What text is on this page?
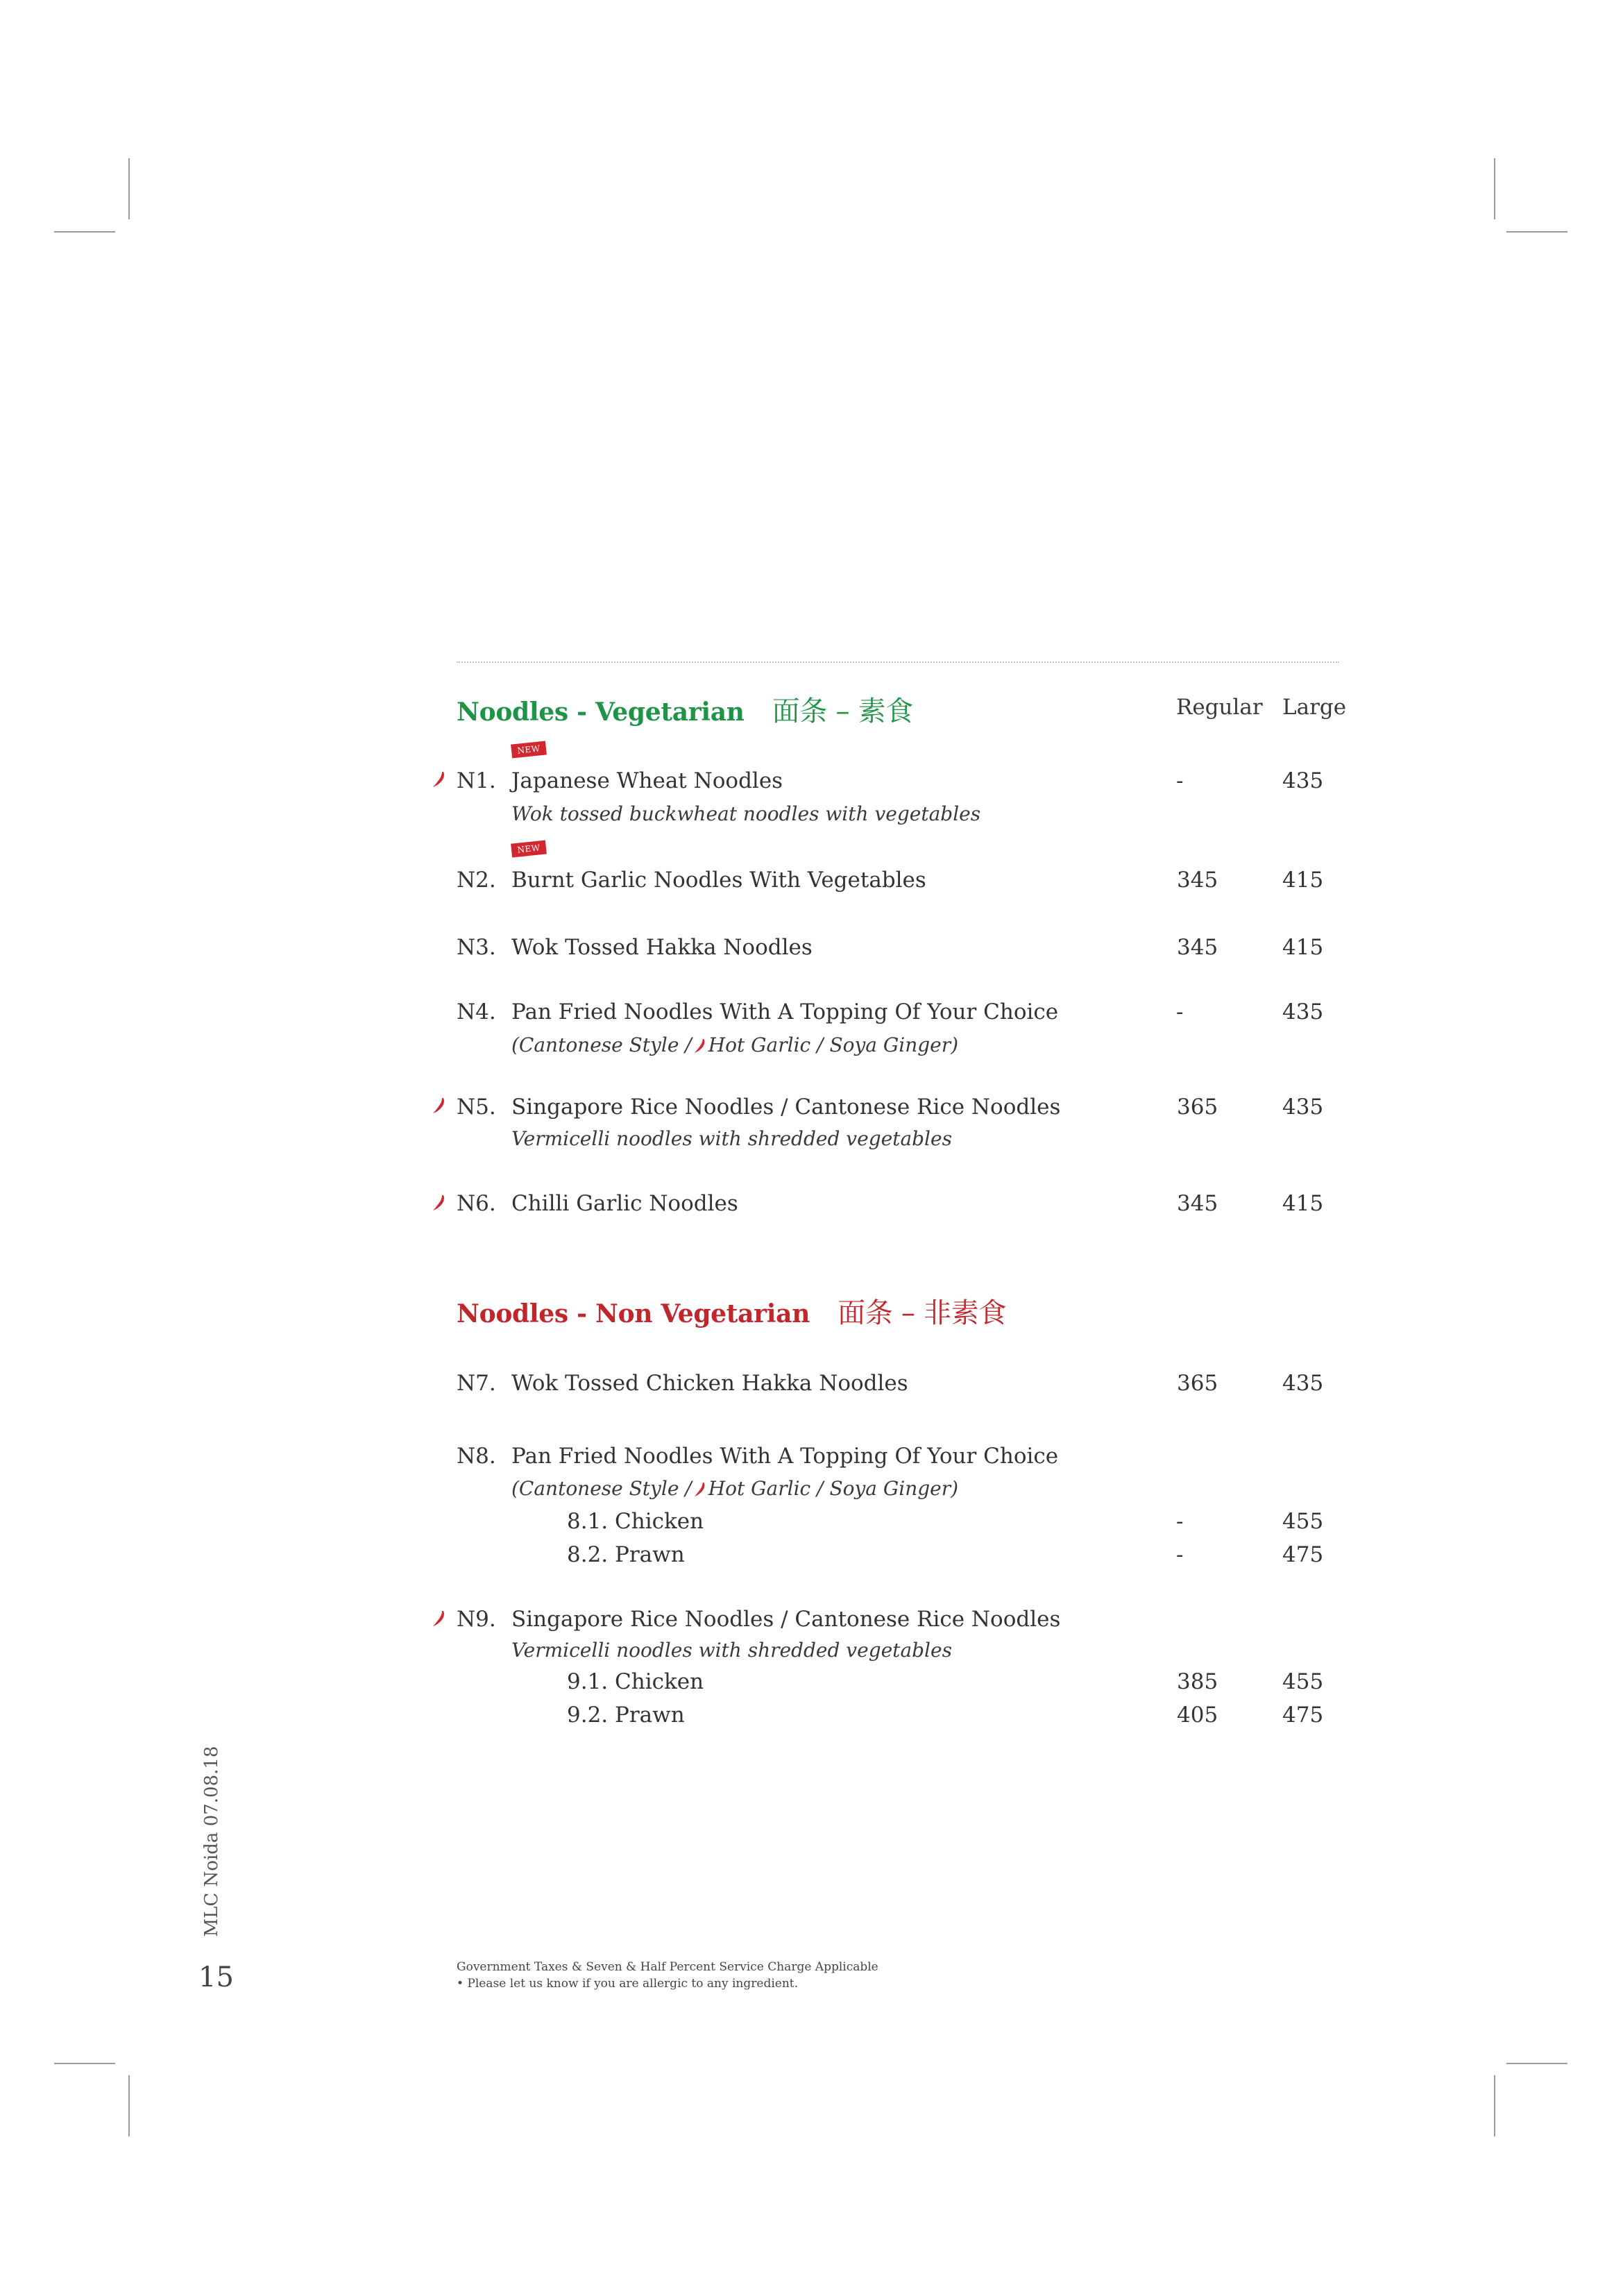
Noodles - Vegetarian 面条 – 素食	Regular Large
NEW
N1. Japanese Wheat Noodles	-	435
Wok tossed buckwheat noodles with vegetables
NEW
N2. Burnt Garlic Noodles With Vegetables	345	415
N3. Wok Tossed Hakka Noodles	345	415
N4. Pan Fried Noodles With A Topping Of Your Choice	-	435
(Cantonese Style / Hot Garlic / Soya Ginger)
N5. Singapore Rice Noodles / Cantonese Rice Noodles	365	435
Vermicelli noodles with shredded vegetables
N6. Chilli Garlic Noodles	345	415
Noodles - Non Vegetarian 面条 – 非素食
N7. Wok Tossed Chicken Hakka Noodles	365	435
N8. Pan Fried Noodles With A Topping Of Your Choice
(Cantonese Style / Hot Garlic / Soya Ginger)
8.1. Chicken	-	455
8.2. Prawn	-	475
N9. Singapore Rice Noodles / Cantonese Rice Noodles
Vermicelli noodles with shredded vegetables
9.1. Chicken	385	455
9.2. Prawn	405	475
MLC Noida 07.08.18
15	Government Taxes & Seven & Half Percent Service Charge Applicable
• Please let us know if you are allergic to any ingredient.
